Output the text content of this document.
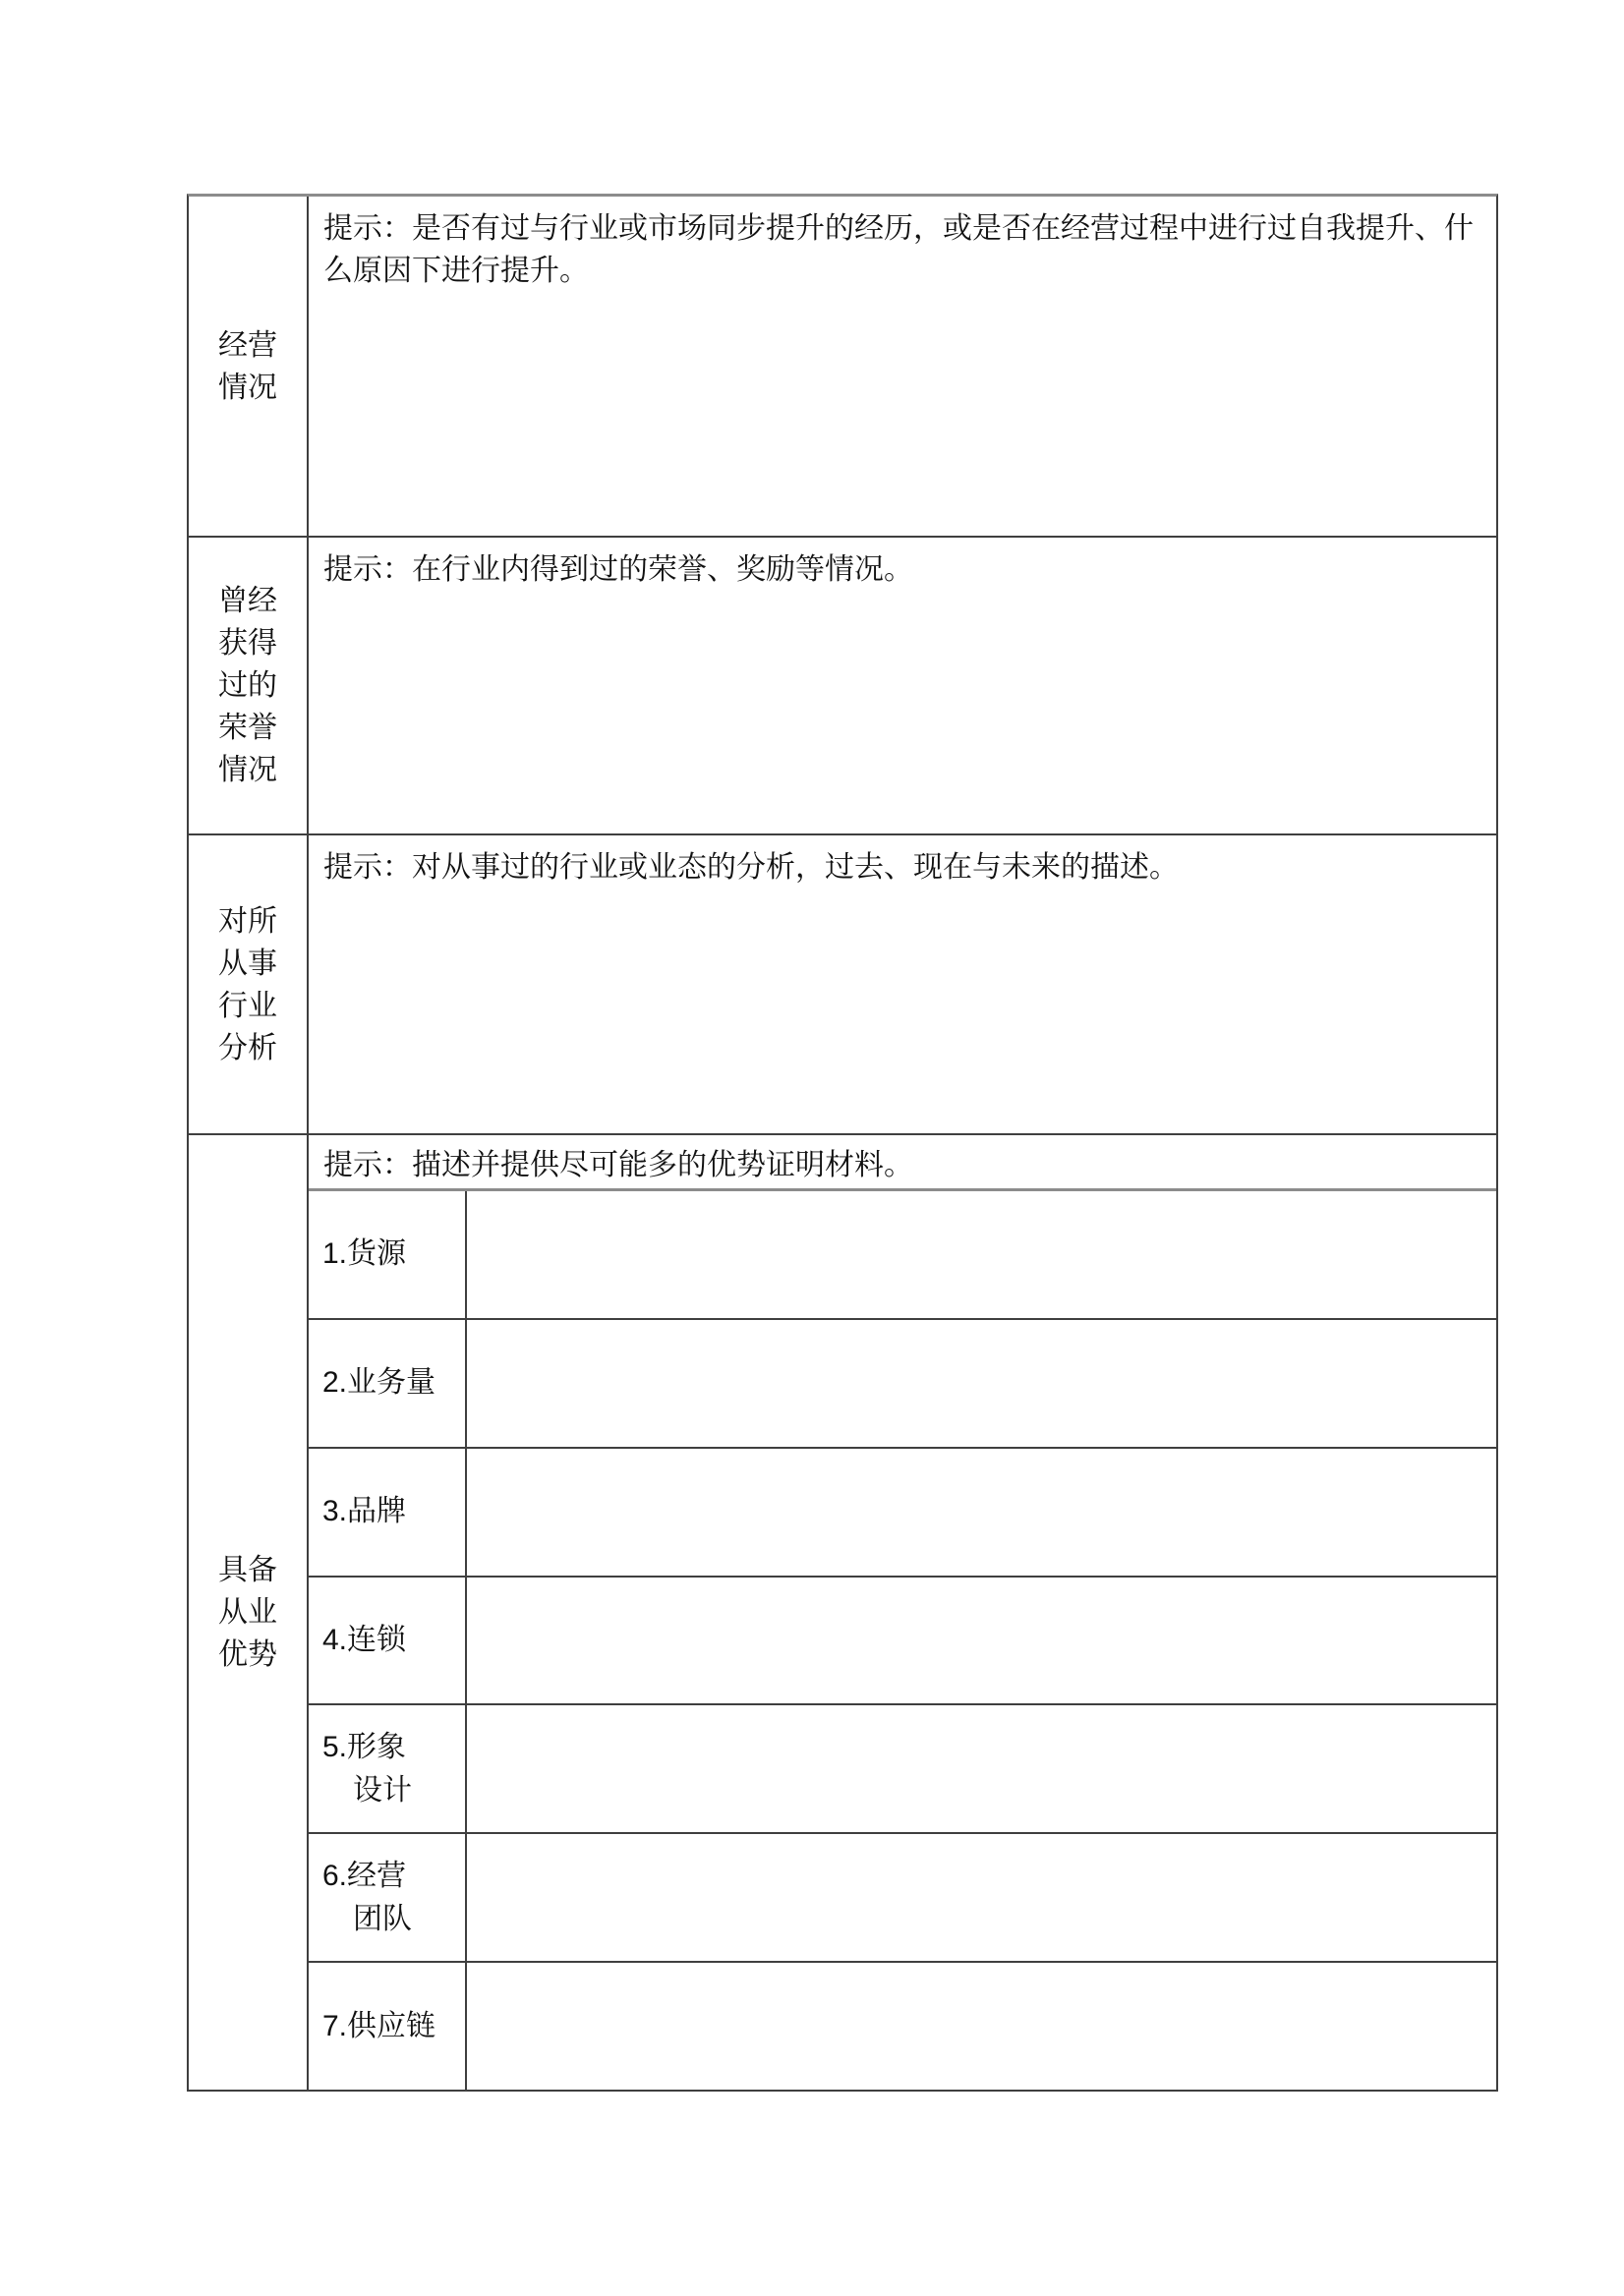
经营
情况
提示：是否有过与行业或市场同步提升的经历，或是否在经营过程中进行过自我提升、什么原因下进行提升。
曾经
获得
过的
荣誉
情况
提示：在行业内得到过的荣誉、奖励等情况。
对所
从事
行业
分析
提示：对从事过的行业或业态的分析，过去、现在与未来的描述。
具备
从业
优势
提示：描述并提供尽可能多的优势证明材料。
1.货源
2.业务量
3.品牌
4.连锁
5.形象
设计
6.经营
团队
7.供应链
